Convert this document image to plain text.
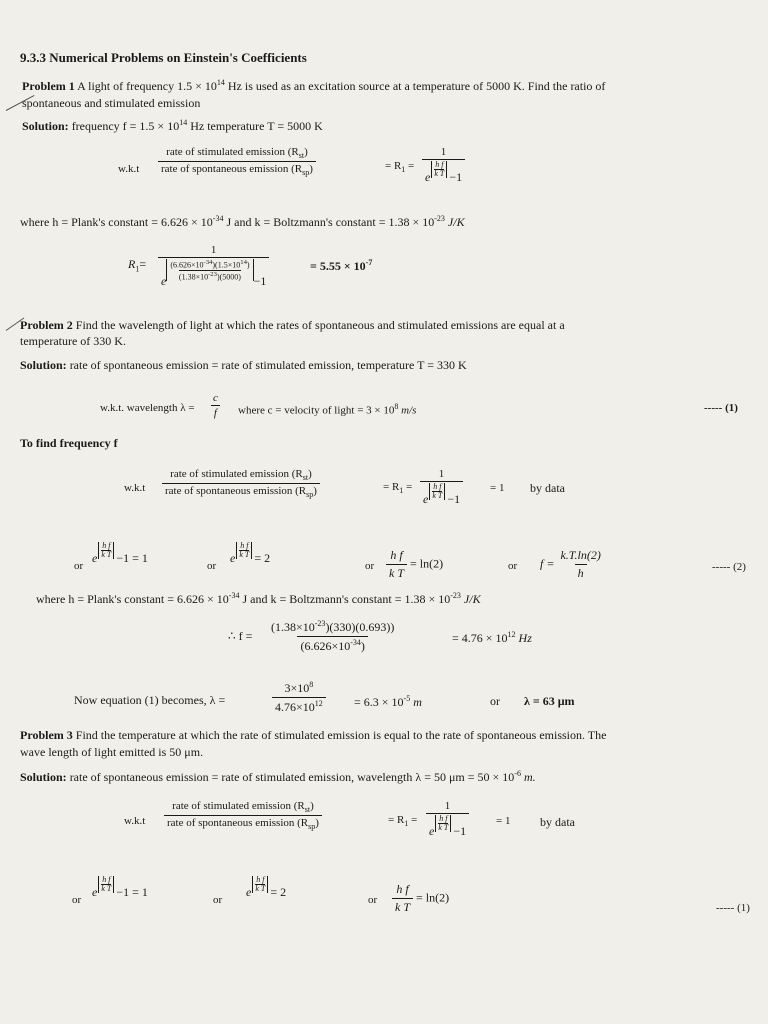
9.3.3 Numerical Problems on Einstein's Coefficients
Problem 1 A light of frequency $1.5 \times 10^{14}$ Hz is used as an excitation source at a temperature of 5000 K. Find the ratio of
spontaneous and stimulated emission
Solution: frequency $f = 1.5 \times 10^{14}$ Hz temperature T = 5000 K
$w.k.t \frac{rate of stimulated emission (R_{st})}{rate of spontaneous emission (R_{sp})}$	= $R_1 = 1$
e
h f
k T −1
where h = Plank's constant = $6.626 \times 10^{-34}$ J and k = Boltzmann's constant = $1.38 \times 10^{-23}$ J/K
$R_1=$
1
e
$(6.626\times 10^{-34})(1.5\times 10^{14})$
$(1.38\times 10^{-23})(5000) -1$
= $5.55 \times 10^{-7}$
Problem 2 Find the wavelength of light at which the rates of spontaneous and stimulated emissions are equal at a
temperature of 330 K.
Solution: rate of spontaneous emission = rate of stimulated emission, temperature T = 330 K
w.k.t. wavelength $\lambda = \frac{c}{f}$ where c = velocity of light = $3 \times 10^8$ m/s	----- (1)
To find frequency f
$w.k.t \frac{rate of stimulated emission (R_{st})}{rate of spontaneous emission (R_{sp})}$	= $R_1 = 1$
e
h f
k T −1 = 1 by data
or
e
h f
k T −1 = 1
or
e $\frac{\text{h f}}{\text{k T}} = 2$
or $\frac{\text{h f}}{\text{k T}} = \ln(2)$	or $f = \frac{k.T.\ln(2)}{h}$	----- (2)
where h = Plank's constant = $6.626 \times 10^{-34}$ J and k = Boltzmann's constant = $1.38 \times 10^{-23}$ J/K
∴ $f = \frac{(1.38\times 10^{-23})(330)(0.693))}{(6.626\times 10^{-34})}$	= $4.76 \times 10^{12}$ Hz
Now equation (1) becomes, λ =	$\frac{3\times 10^8}{4.76\times 10^{12}} = 6.3 \times 10^{-5}$ m	or λ = 63 μm
Problem 3 Find the temperature at which the rate of stimulated emission is equal to the rate of spontaneous emission. The
wave length of light emitted is 50 μm.
Solution: rate of spontaneous emission = rate of stimulated emission, wavelength λ = 50 $\mu m = 50 \times 10^{-6}$ m.
$w.k.t \frac{rate of stimulated emission (R_{st})}{rate of spontaneous emission (R_{sp})}$	= $R_1 = 1$
e
h f
k T −1 = 1 by data
or
e
h f
k T −1 = 1
or
e $\frac{\text{h f}}{\text{k T}} = 2$
or $\frac{\text{h f}}{\text{k T}} = \ln(2)$
----- (1)
